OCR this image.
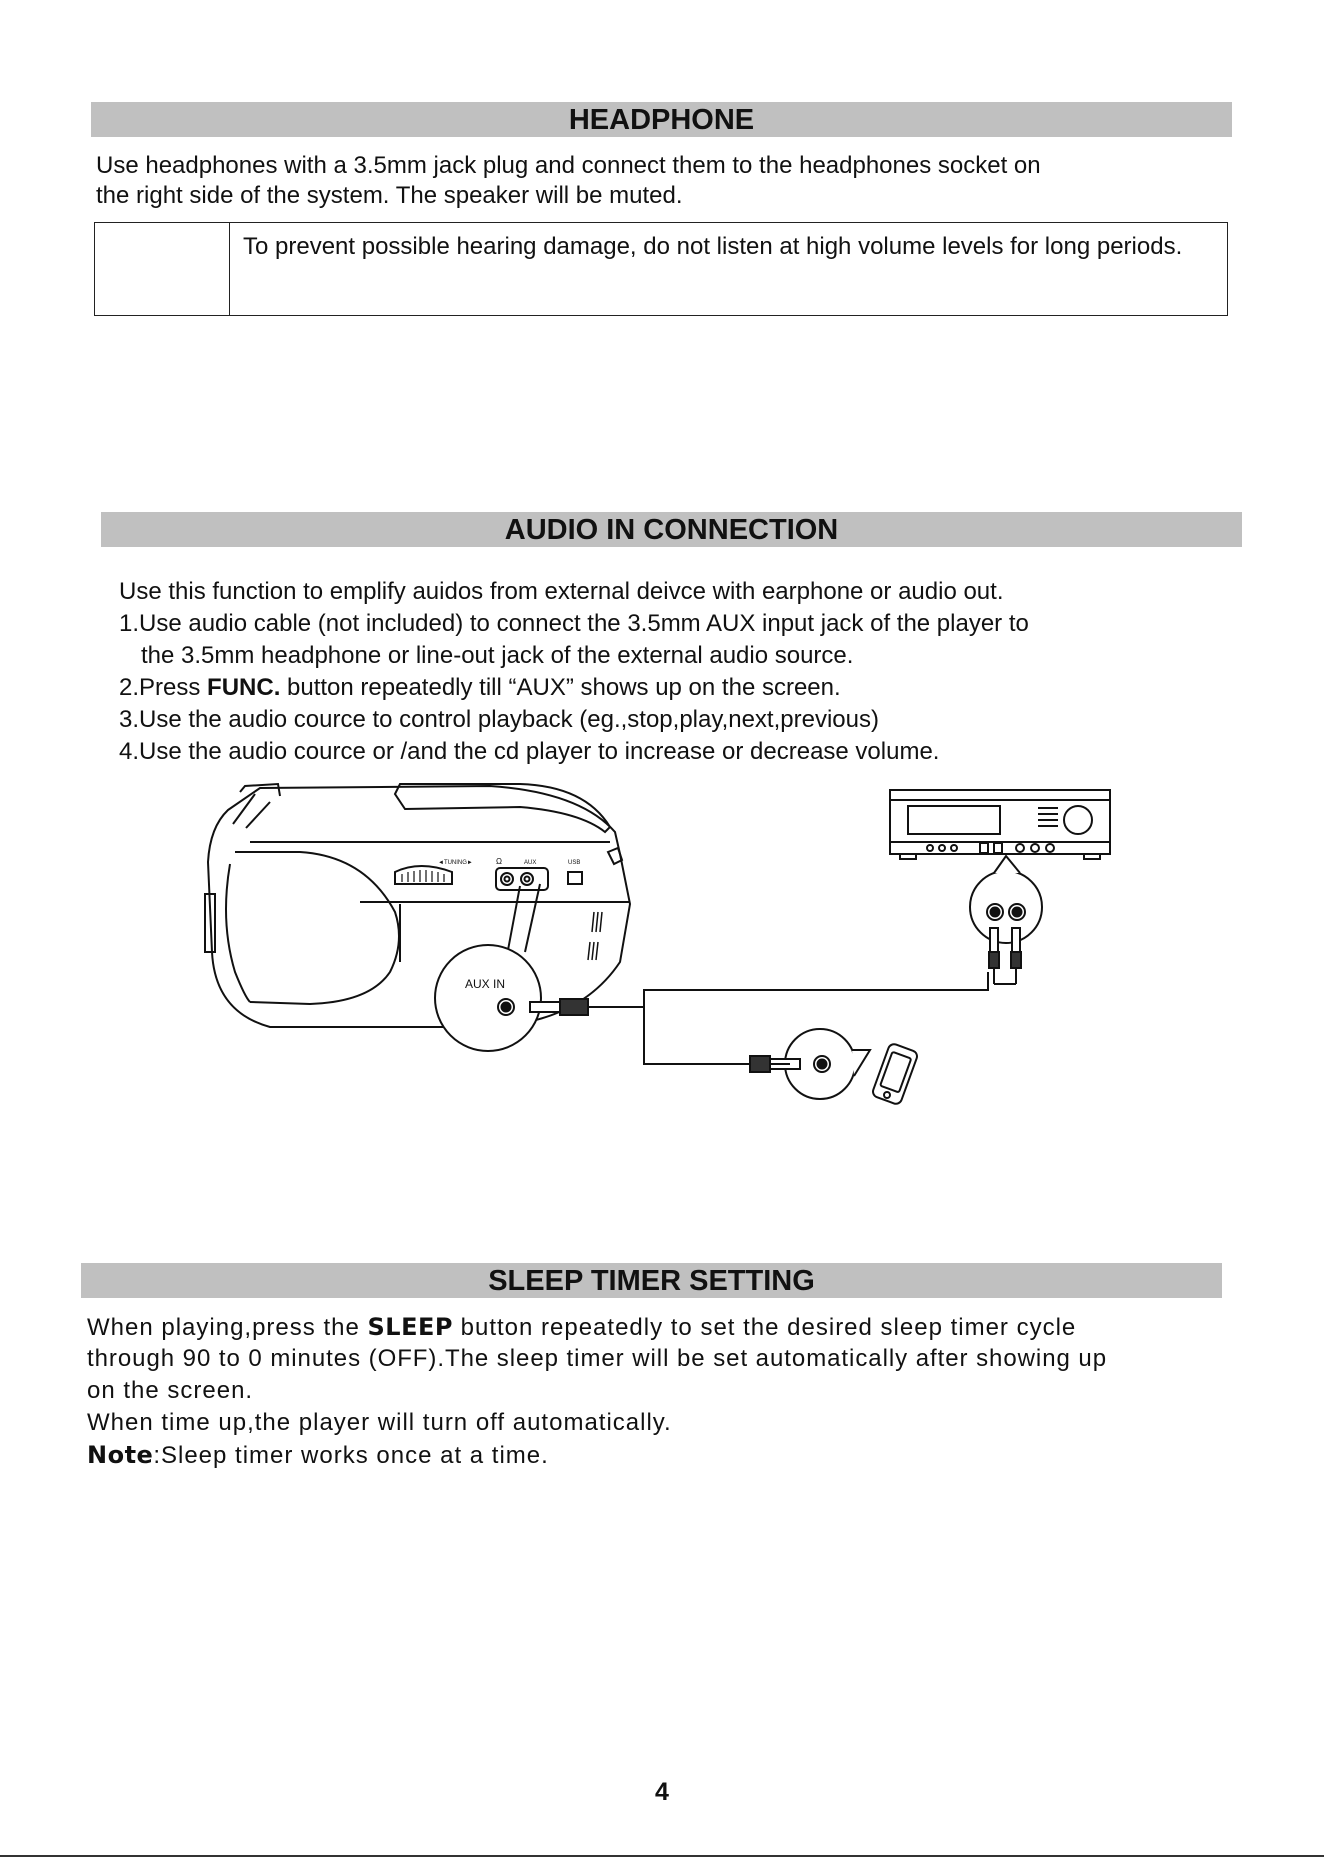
HEADPHONE
Use headphones with a 3.5mm jack plug and connect them to the headphones socket on
the right side of the system. The speaker will be muted.
To prevent possible hearing damage, do not listen at high volume levels for long periods.
AUDIO IN CONNECTION
Use this function to emplify auidos from external deivce with earphone or audio out.
1.Use audio cable (not included) to connect the 3.5mm AUX input jack of the player to
the 3.5mm headphone or line-out jack of the external audio source.
2.Press FUNC. button repeatedly till “AUX” shows up on the screen.
3.Use the audio cource to control playback (eg.,stop,play,next,previous)
4.Use the audio cource or /and the cd player to increase or decrease volume.
◄TUNING►	Ω	AUX	USB
AUX IN
SLEEP TIMER SETTING
When playing,press the SLEEP button repeatedly to set the desired sleep timer cycle
through 90 to 0 minutes (OFF).The sleep timer will be set automatically after showing up
on the screen.
When time up,the player will turn off automatically.
Note:Sleep timer works once at a time.
4
